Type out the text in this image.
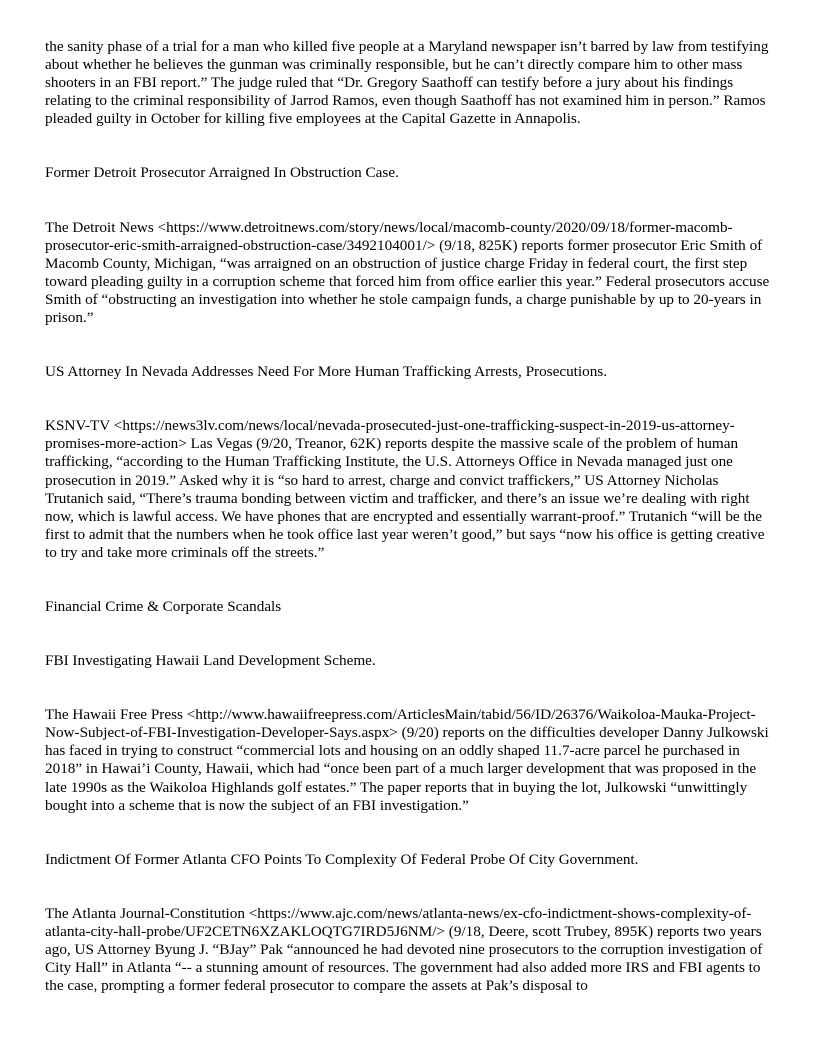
the sanity phase of a trial for a man who killed five people at a Maryland newspaper isn’t barred by law from testifying about whether he believes the gunman was criminally responsible, but he can’t directly compare him to other mass shooters in an FBI report.” The judge ruled that “Dr. Gregory Saathoff can testify before a jury about his findings relating to the criminal responsibility of Jarrod Ramos, even though Saathoff has not examined him in person.” Ramos pleaded guilty in October for killing five employees at the Capital Gazette in Annapolis.

Former Detroit Prosecutor Arraigned In Obstruction Case.

The Detroit News <https://www.detroitnews.com/story/news/local/macomb-county/2020/09/18/former-macomb-prosecutor-eric-smith-arraigned-obstruction-case/3492104001/> (9/18, 825K) reports former prosecutor Eric Smith of Macomb County, Michigan, “was arraigned on an obstruction of justice charge Friday in federal court, the first step toward pleading guilty in a corruption scheme that forced him from office earlier this year.” Federal prosecutors accuse Smith of “obstructing an investigation into whether he stole campaign funds, a charge punishable by up to 20-years in prison.”

US Attorney In Nevada Addresses Need For More Human Trafficking Arrests, Prosecutions.

KSNV-TV <https://news3lv.com/news/local/nevada-prosecuted-just-one-trafficking-suspect-in-2019-us-attorney-promises-more-action> Las Vegas (9/20, Treanor, 62K) reports despite the massive scale of the problem of human trafficking, “according to the Human Trafficking Institute, the U.S. Attorneys Office in Nevada managed just one prosecution in 2019.” Asked why it is “so hard to arrest, charge and convict traffickers,” US Attorney Nicholas Trutanich said, “There’s trauma bonding between victim and trafficker, and there’s an issue we’re dealing with right now, which is lawful access. We have phones that are encrypted and essentially warrant-proof.” Trutanich “will be the first to admit that the numbers when he took office last year weren’t good,” but says “now his office is getting creative to try and take more criminals off the streets.”

Financial Crime & Corporate Scandals

FBI Investigating Hawaii Land Development Scheme.

The Hawaii Free Press <http://www.hawaiifreepress.com/ArticlesMain/tabid/56/ID/26376/Waikoloa-Mauka-Project-Now-Subject-of-FBI-Investigation-Developer-Says.aspx> (9/20) reports on the difficulties developer Danny Julkowski has faced in trying to construct “commercial lots and housing on an oddly shaped 11.7-acre parcel he purchased in 2018” in Hawai’i County, Hawaii, which had “once been part of a much larger development that was proposed in the late 1990s as the Waikoloa Highlands golf estates.” The paper reports that in buying the lot, Julkowski “unwittingly bought into a scheme that is now the subject of an FBI investigation.”

Indictment Of Former Atlanta CFO Points To Complexity Of Federal Probe Of City Government.

The Atlanta Journal-Constitution <https://www.ajc.com/news/atlanta-news/ex-cfo-indictment-shows-complexity-of-atlanta-city-hall-probe/UF2CETN6XZAKLOQTG7IRD5J6NM/> (9/18, Deere, scott Trubey, 895K) reports two years ago, US Attorney Byung J. “BJay” Pak “announced he had devoted nine prosecutors to the corruption investigation of City Hall” in Atlanta “-- a stunning amount of resources. The government had also added more IRS and FBI agents to the case, prompting a former federal prosecutor to compare the assets at Pak’s disposal to
